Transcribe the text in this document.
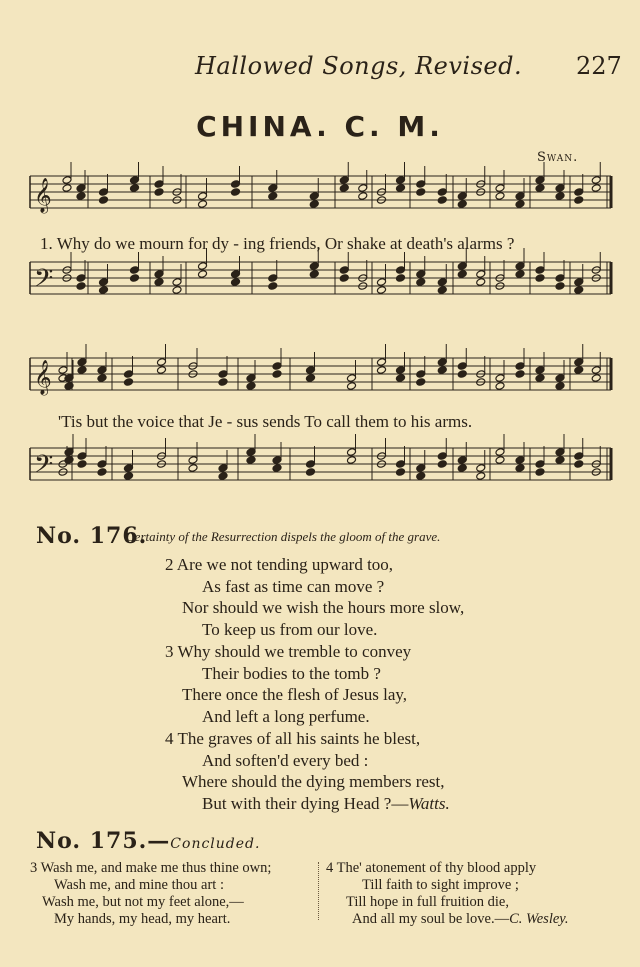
Hallowed Songs, Revised. 227
CHINA. C. M.
Swan.
𝄞
𝄢
𝄞
𝄢
1. Why do we mourn for dy - ing friends, Or shake at death's alarms ?
'Tis but the voice that Je - sus sends To call them to his arms.
No. 176.
Certainty of the Resurrection dispels the gloom of the grave.
2 Are we not tending upward too,
As fast as time can move ?
Nor should we wish the hours more slow,
To keep us from our love.
3 Why should we tremble to convey
Their bodies to the tomb ?
There once the flesh of Jesus lay,
And left a long perfume.
4 The graves of all his saints he blest,
And soften'd every bed :
Where should the dying members rest,
But with their dying Head ?—Watts.
No. 175.—Concluded.
3 Wash me, and make me thus thine own;
Wash me, and mine thou art :
Wash me, but not my feet alone,—
My hands, my head, my heart.
4 The' atonement of thy blood apply
Till faith to sight improve ;
Till hope in full fruition die,
And all my soul be love.—C. Wesley.
